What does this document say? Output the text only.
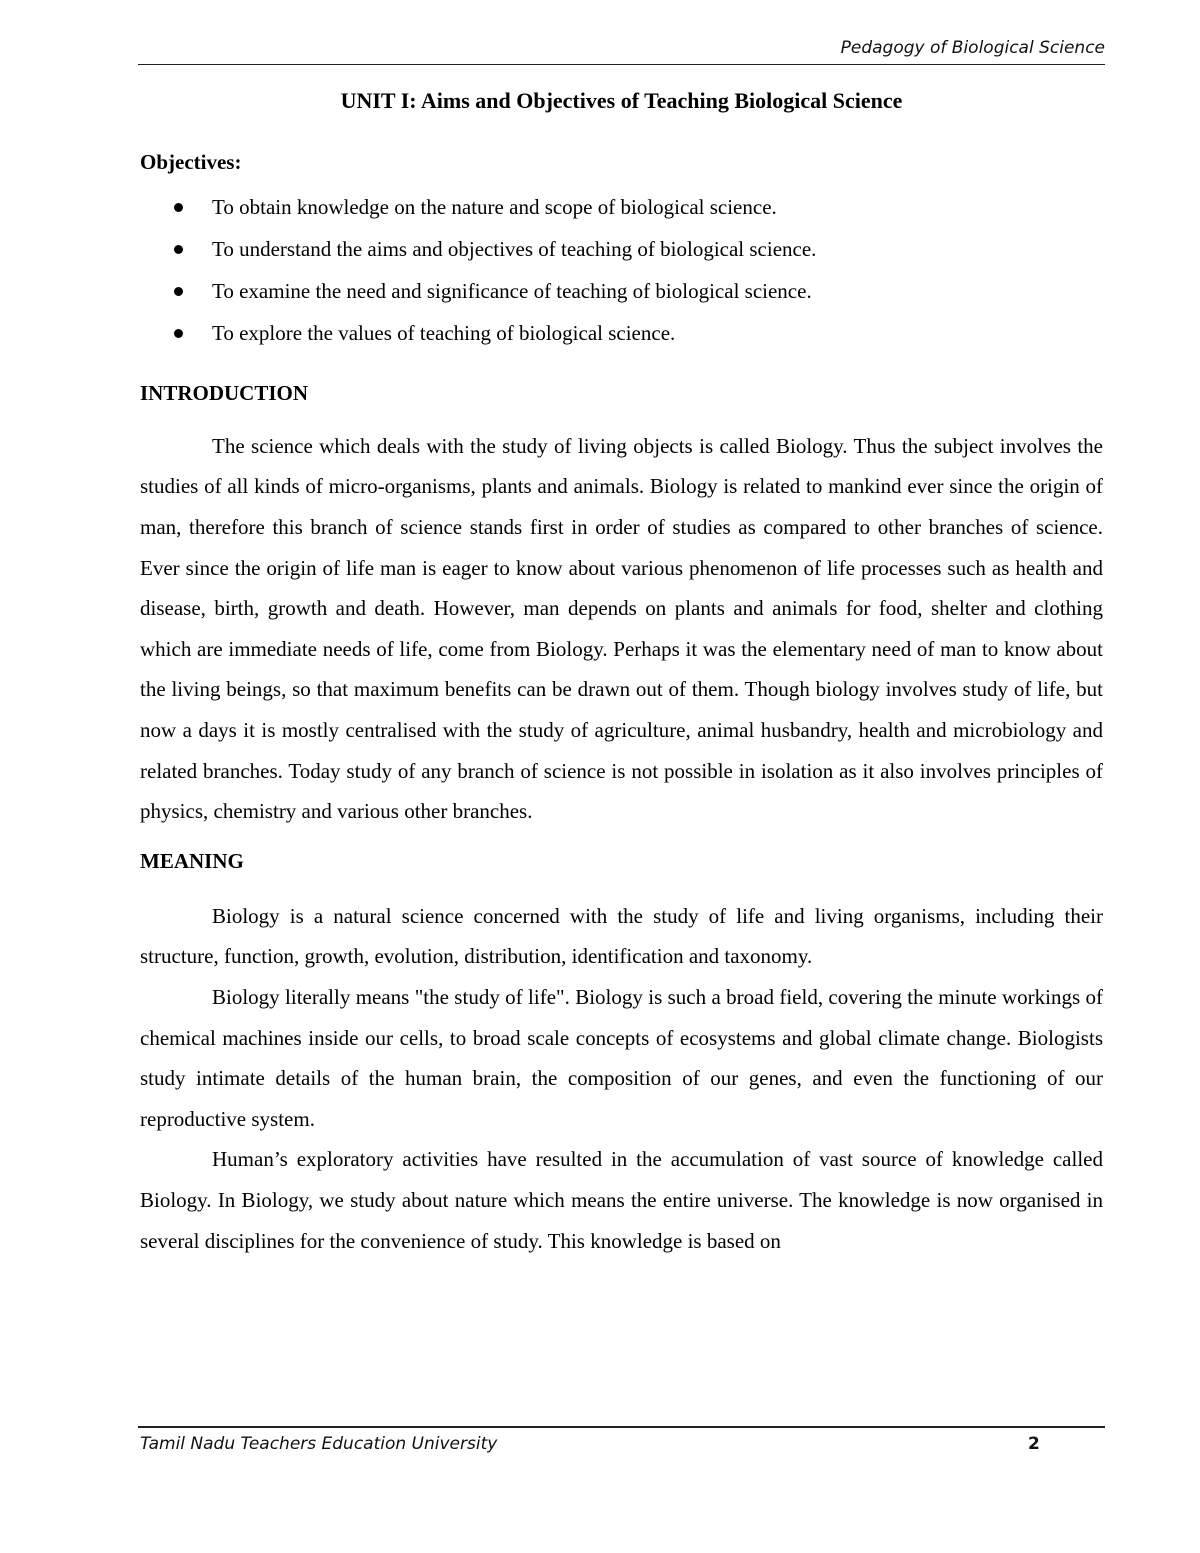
Pedagogy of Biological Science
UNIT I: Aims and Objectives of Teaching Biological Science
Objectives:
To obtain knowledge on the nature and scope of biological science.
To understand the aims and objectives of teaching of biological science.
To examine the need and significance of teaching of biological science.
To explore the values of teaching of biological science.
INTRODUCTION

The science which deals with the study of living objects is called Biology. Thus the subject involves the studies of all kinds of micro-organisms, plants and animals. Biology is related to mankind ever since the origin of man, therefore this branch of science stands first in order of studies as compared to other branches of science. Ever since the origin of life man is eager to know about various phenomenon of life processes such as health and disease, birth, growth and death. However, man depends on plants and animals for food, shelter and clothing which are immediate needs of life, come from Biology. Perhaps it was the elementary need of man to know about the living beings, so that maximum benefits can be drawn out of them. Though biology involves study of life, but now a days it is mostly centralised with the study of agriculture, animal husbandry, health and microbiology and related branches. Today study of any branch of science is not possible in isolation as it also involves principles of physics, chemistry and various other branches.

MEANING

Biology is a natural science concerned with the study of life and living organisms, including their structure, function, growth, evolution, distribution, identification and taxonomy.

Biology literally means "the study of life". Biology is such a broad field, covering the minute workings of chemical machines inside our cells, to broad scale concepts of ecosystems and global climate change. Biologists study intimate details of the human brain, the composition of our genes, and even the functioning of our reproductive system.

Human’s exploratory activities have resulted in the accumulation of vast source of knowledge called Biology. In Biology, we study about nature which means the entire universe. The knowledge is now organised in several disciplines for the convenience of study. This knowledge is based on

Tamil Nadu Teachers Education University	2
